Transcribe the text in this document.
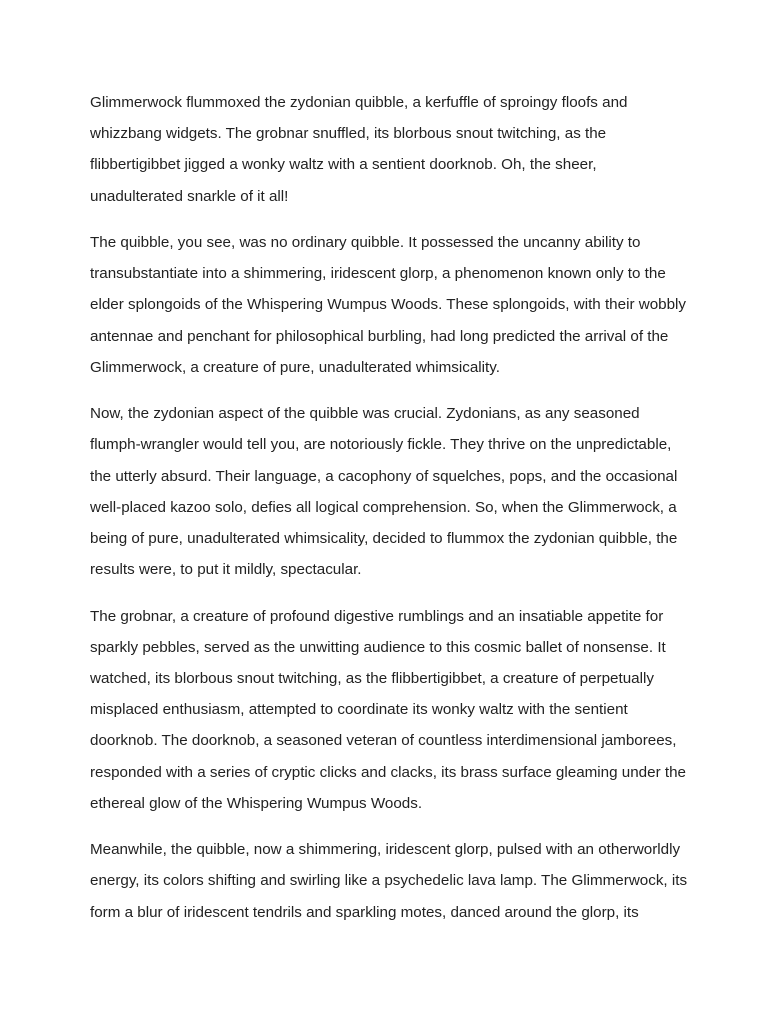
Glimmerwock flummoxed the zydonian quibble, a kerfuffle of sproingy floofs and whizzbang widgets. The grobnar snuffled, its blorbous snout twitching, as the flibbertigibbet jigged a wonky waltz with a sentient doorknob. Oh, the sheer, unadulterated snarkle of it all!

The quibble, you see, was no ordinary quibble. It possessed the uncanny ability to transubstantiate into a shimmering, iridescent glorp, a phenomenon known only to the elder splongoids of the Whispering Wumpus Woods. These splongoids, with their wobbly antennae and penchant for philosophical burbling, had long predicted the arrival of the Glimmerwock, a creature of pure, unadulterated whimsicality.

Now, the zydonian aspect of the quibble was crucial. Zydonians, as any seasoned flumph-wrangler would tell you, are notoriously fickle. They thrive on the unpredictable, the utterly absurd. Their language, a cacophony of squelches, pops, and the occasional well-placed kazoo solo, defies all logical comprehension. So, when the Glimmerwock, a being of pure, unadulterated whimsicality, decided to flummox the zydonian quibble, the results were, to put it mildly, spectacular.

The grobnar, a creature of profound digestive rumblings and an insatiable appetite for sparkly pebbles, served as the unwitting audience to this cosmic ballet of nonsense. It watched, its blorbous snout twitching, as the flibbertigibbet, a creature of perpetually misplaced enthusiasm, attempted to coordinate its wonky waltz with the sentient doorknob. The doorknob, a seasoned veteran of countless interdimensional jamborees, responded with a series of cryptic clicks and clacks, its brass surface gleaming under the ethereal glow of the Whispering Wumpus Woods.

Meanwhile, the quibble, now a shimmering, iridescent glorp, pulsed with an otherworldly energy, its colors shifting and swirling like a psychedelic lava lamp. The Glimmerwock, its form a blur of iridescent tendrils and sparkling motes, danced around the glorp, its
